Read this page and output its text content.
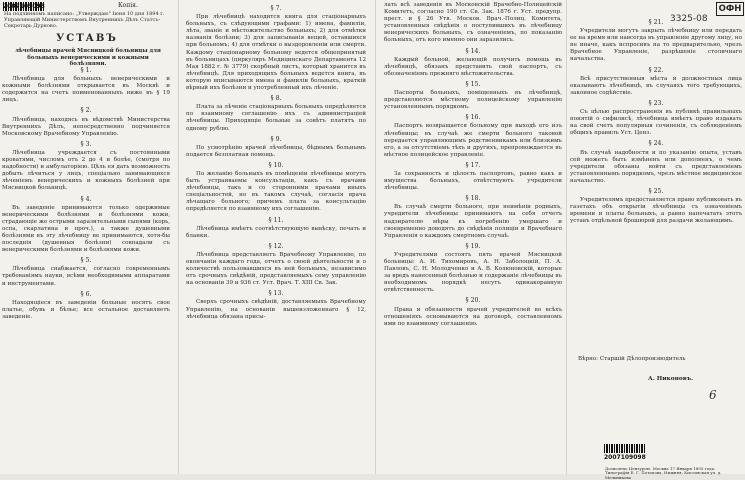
2007109098	Копія.
На подлинномъ написано: „Утверждаю" Іюня 10 дня 1894 г. Управляющій Министерствомъ Внутреннихъ Дѣлъ Статсъ-Секретарь Дурново.
УСТАВЪ
лѣчебницы врачей Мясницкой больницы для больныхъ венерическими и кожными болѣзнями.
§ 1.

Лѣчебница для больныхъ венерическими и кожными болѣзнями открывается въ Москвѣ и содержится на счетъ поименованныхъ ниже въ § 19 лицъ.

§ 2.

Лѣчебница, находясь въ вѣдомствѣ Министерства Внутреннихъ Дѣлъ, непосредственно подчиняется Московскому Врачебному Управленію.

§ 3.

Лѣчебница учреждается съ постоянными кроватями, числомъ отъ 2 до 4 и болѣе, (смотря по надобности) и амбулаторіею. Цѣль ея дать возможность добыть лѣчиться у лицъ, спеціально занимающихся лѣченіемъ венерическихъ и кожныхъ болѣзней при Мясницкой больницѣ.

§ 4.

Въ заведеніе принимаются только одержимые венерическими болѣзнями и болѣзнями кожи, страдающіе же острыми заразительными сыпями (корь, оспа, скарлатина и проч.), а также душевными болѣзнями въ эту лѣчебницу не принимаются, хотя-бы последнія (душевныя болѣзни) совпадали съ венерическими болѣзнями и болѣзнями кожи.

§ 5.

Лѣчебница снабжается, согласно современнымъ требованіямъ науки, всѣми необходимыми аппаратами и инструментами.

§ 6.

Находящіеся въ заведеніи больные носятъ свое платье, обувь и бѣлье; все остальное доставляетъ заведеніе.

§ 7.

При лѣчебницѣ находится книга для стаціонарныхъ больныхъ, съ слѣдующими графами: 1) имена, фамиліи, лѣта, званіе и мѣстожительство больныхъ; 2) для отмѣтки названія болѣзни; 3) для записыванія вещей, оставшихся при больномъ; 4) для отмѣтки о выздоровленіи или смерти. Каждому стаціонарному больному ведется общепринятый въ больницахъ (циркуляръ Медицинскаго Департамента 12 Мая 1882 г. № 3779) скорбный листъ, который хранится въ лѣчебницѣ. Для приходящихъ больныхъ ведется книга, въ которую вписываются имена и фамиліи больныхъ, краткій вѣрный ихъ болѣзни и употребленный ихъ лѣченіе.

§ 8.

Плата за лѣченіе стаціонарныхъ больныхъ опредѣляется по взаимному соглашенію ихъ съ администраціей лѣчебницы. Приходящіе больные за совѣтъ платятъ по одному рублю.

§ 9.

По усмотрѣнію врачей лѣчебницы, бѣднымъ больнымъ подается безплатная помощь.

§ 10.

По желанію больныхъ въ помѣщеніи лѣчебницы могутъ быть устраиваемы консультаціи, какъ съ врачами лѣчебницы, такъ и со сторонними врачами иныхъ спеціальностей, но въ такомъ случаѣ, согласія врача лѣчащаго больного; причемъ плата за консультацію опредѣляется по взаимному ихъ соглашенію.

§ 11.

Лѣчебница имѣетъ соотвѣтствующую вывѣску, печать и бланки.

§ 12.

Лѣчебница представляетъ Врачебному Управленію, по окончаніи каждаго года, отчетъ о своей дѣятельности и о количествѣ пользовавшихся въ ней больныхъ, независимо отъ срочныхъ свѣдѣній, представляемыхъ сему управленію на основаніи 39 и 936 ст. Уст. Врач. Т. XIII Св. Зак.

§ 13.

Сверхъ срочныхъ свѣдѣній, доставляемыхъ Врачебному Управленію, на основаніи вышеизложеннаго § 12, лѣчебница обязана присы-

лать всѣ заведенія въ Московскій Врачебно-Полицейскій Комитетъ, согласно 190 ст. Св. Зак. 1876 г. Уст. предупр. прест. и § 26 Утв. Москов. Врач.-Полиц. Комитета, установленныя свѣдѣнія о поступившихъ въ лѣчебницу венерическихъ больныхъ, съ означеніемъ, по показанію больныхъ, отъ кого именно они заразились.

§ 14.

Каждый больной, желающій получить помощь въ лѣчебницѣ, обязанъ представить свой паспортъ, съ обозначеніемъ прежняго мѣстожительства.

§ 15.

Паспорты больныхъ, поміщенныхъ въ лѣчебницѣ, представляются мѣстному полицейскому управленію установленнымъ порядкомъ.

§ 16.

Паспортъ возвращается больному при выходѣ его изъ лѣчебницы; въ случаѣ же смерти больного таковой передается управляющимъ родственникамъ или близкимъ его, а за отсутствіемъ тѣхъ и другихъ, препровождается въ мѣстное полицейское управленіе.

§ 17.

За сохранность и цѣлость паспортовъ, равно какъ и имущества больныхъ, отвѣтствуютъ учредители лѣчебницы.

§ 18.

Въ случаѣ смерти больного, при неимѣніи родныхъ, учредители лѣчебницы принимаютъ на себя отчетъ надзирателю мѣры къ погребенію умершаго и своевременно доводятъ до свѣдѣнія полиціи и Врачебнаго Управленія о каждомъ смертномъ случаѣ.

§ 19.

Учредителями состоятъ пять врачей Мясницкой больницы: А. И. Тихомировъ, А. Н. Заболоцкій, П. А. Павловъ, С. Н. Молодченко и А. В. Колюновскій, которые за вредъ нанесенный болѣзнью и содержаніе лѣчебницы въ необходимомъ порядкѣ несутъ одинакоравную отвѣтственность.

§ 20.

Права и обязанности врачей учредителей во всѣхъ отношеніяхъ основываются на договорѣ, составленномъ ими по взаимному соглашенію.

§ 21.

Учредители могутъ закрыть лѣчебницу или передать ее на время или навсегда въ управленіе другому лицу, но не иначе, какъ испросивъ на то предварительно, чрезъ Врачебное Управленіе, разрѣшеніе столичнаго начальства.

§ 22.

Всѣ присутственныя мѣста и должностныя лица оказываютъ лѣчебницѣ, въ случаяхъ того требующихъ, законное содѣйствіе.

§ 23.

Съ цѣлью распространенія въ публикѣ правильныхъ понятій о сифилисѣ, лѣчебница имѣетъ право издавать на свой счетъ популярныя сочиненія, съ соблюденіемъ общихъ правилъ Уст. Ценз.

§ 24.

Въ случаѣ надобности и по указанію опыта, уставъ сей можетъ быть измѣненъ или дополненъ, о чемъ учредители обязаны войти съ представленіемъ установленнымъ порядкомъ, чрезъ мѣстное медицинское начальство.

§ 25.

Учредителямъ предоставляется право публиковать въ газетахъ объ открытіи лѣчебницы съ означеніемъ времени и платы больныхъ, а равно напечатать этотъ уставъ отдѣльной брошюрой для раздачи желающимъ.

ОФН
3325-08
6
Вѣрно: Старшій Дѣлопроизводитель
А. Никоновъ.
2007109098
Дозволено Цензурою. Москва 17 Января 1895 года.
Типографія Е. Г. Потапова, Нижняя, Кисловская ул. д. Мельникова
